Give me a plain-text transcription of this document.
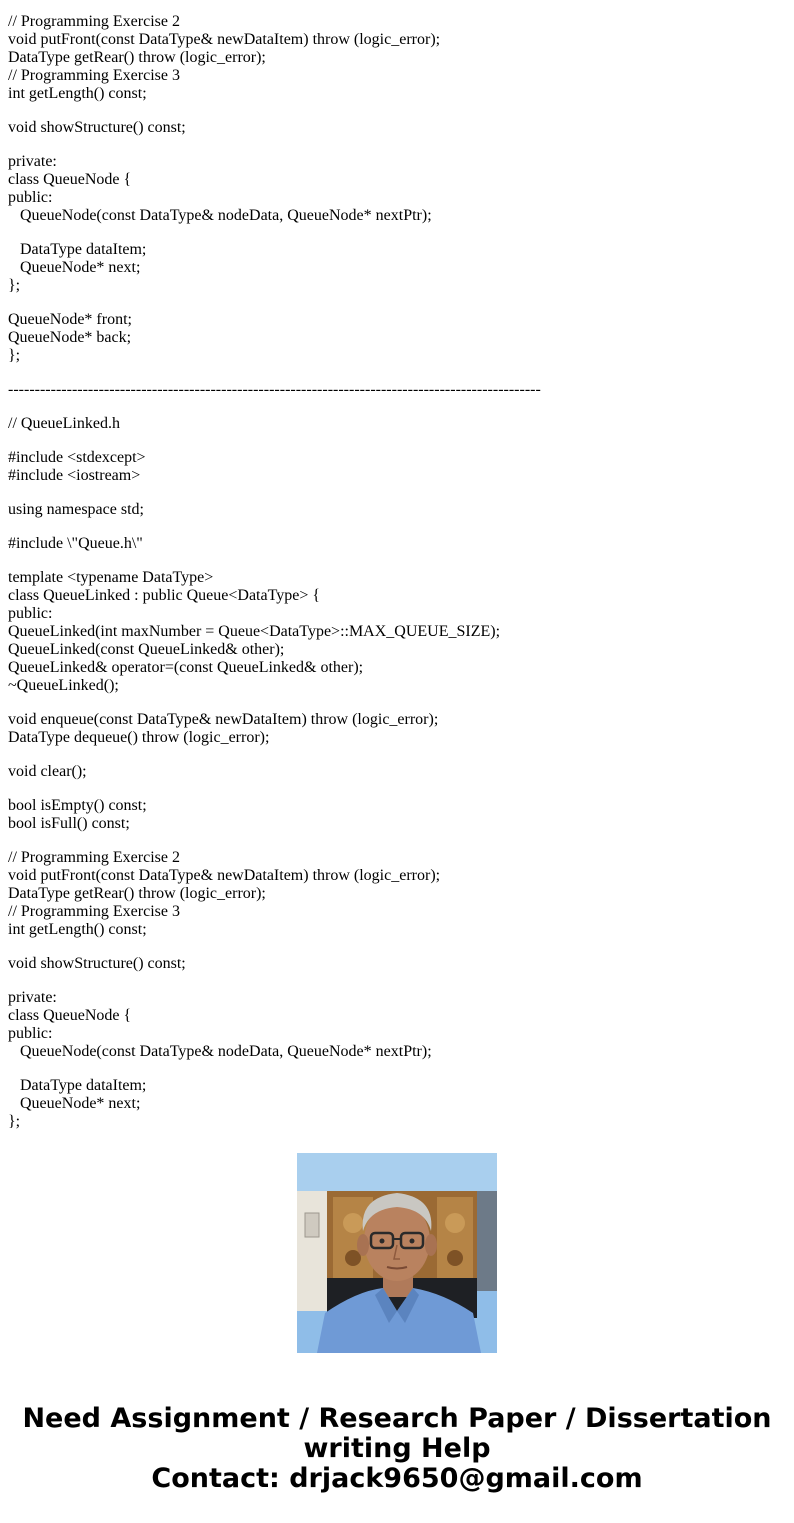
// Programming Exercise 2
void putFront(const DataType& newDataItem) throw (logic_error);
DataType getRear() throw (logic_error);
// Programming Exercise 3
int getLength() const;
void showStructure() const;
private:
class QueueNode {
public:
QueueNode(const DataType& nodeData, QueueNode* nextPtr);
DataType dataItem;
QueueNode* next;
};
QueueNode* front;
QueueNode* back;
};
----------------------------------------------------------------------------------------------------
// QueueLinked.h
#include <stdexcept>
#include <iostream>
using namespace std;
#include \"Queue.h\"
template <typename DataType>
class QueueLinked : public Queue<DataType> {
public:
QueueLinked(int maxNumber = Queue<DataType>::MAX_QUEUE_SIZE);
QueueLinked(const QueueLinked& other);
QueueLinked& operator=(const QueueLinked& other);
~QueueLinked();
void enqueue(const DataType& newDataItem) throw (logic_error);
DataType dequeue() throw (logic_error);
void clear();
bool isEmpty() const;
bool isFull() const;
// Programming Exercise 2
void putFront(const DataType& newDataItem) throw (logic_error);
DataType getRear() throw (logic_error);
// Programming Exercise 3
int getLength() const;
void showStructure() const;
private:
class QueueNode {
public:
QueueNode(const DataType& nodeData, QueueNode* nextPtr);
DataType dataItem;
QueueNode* next;
};
Need Assignment / Research Paper / Dissertation
writing Help
Contact: drjack9650@gmail.com
